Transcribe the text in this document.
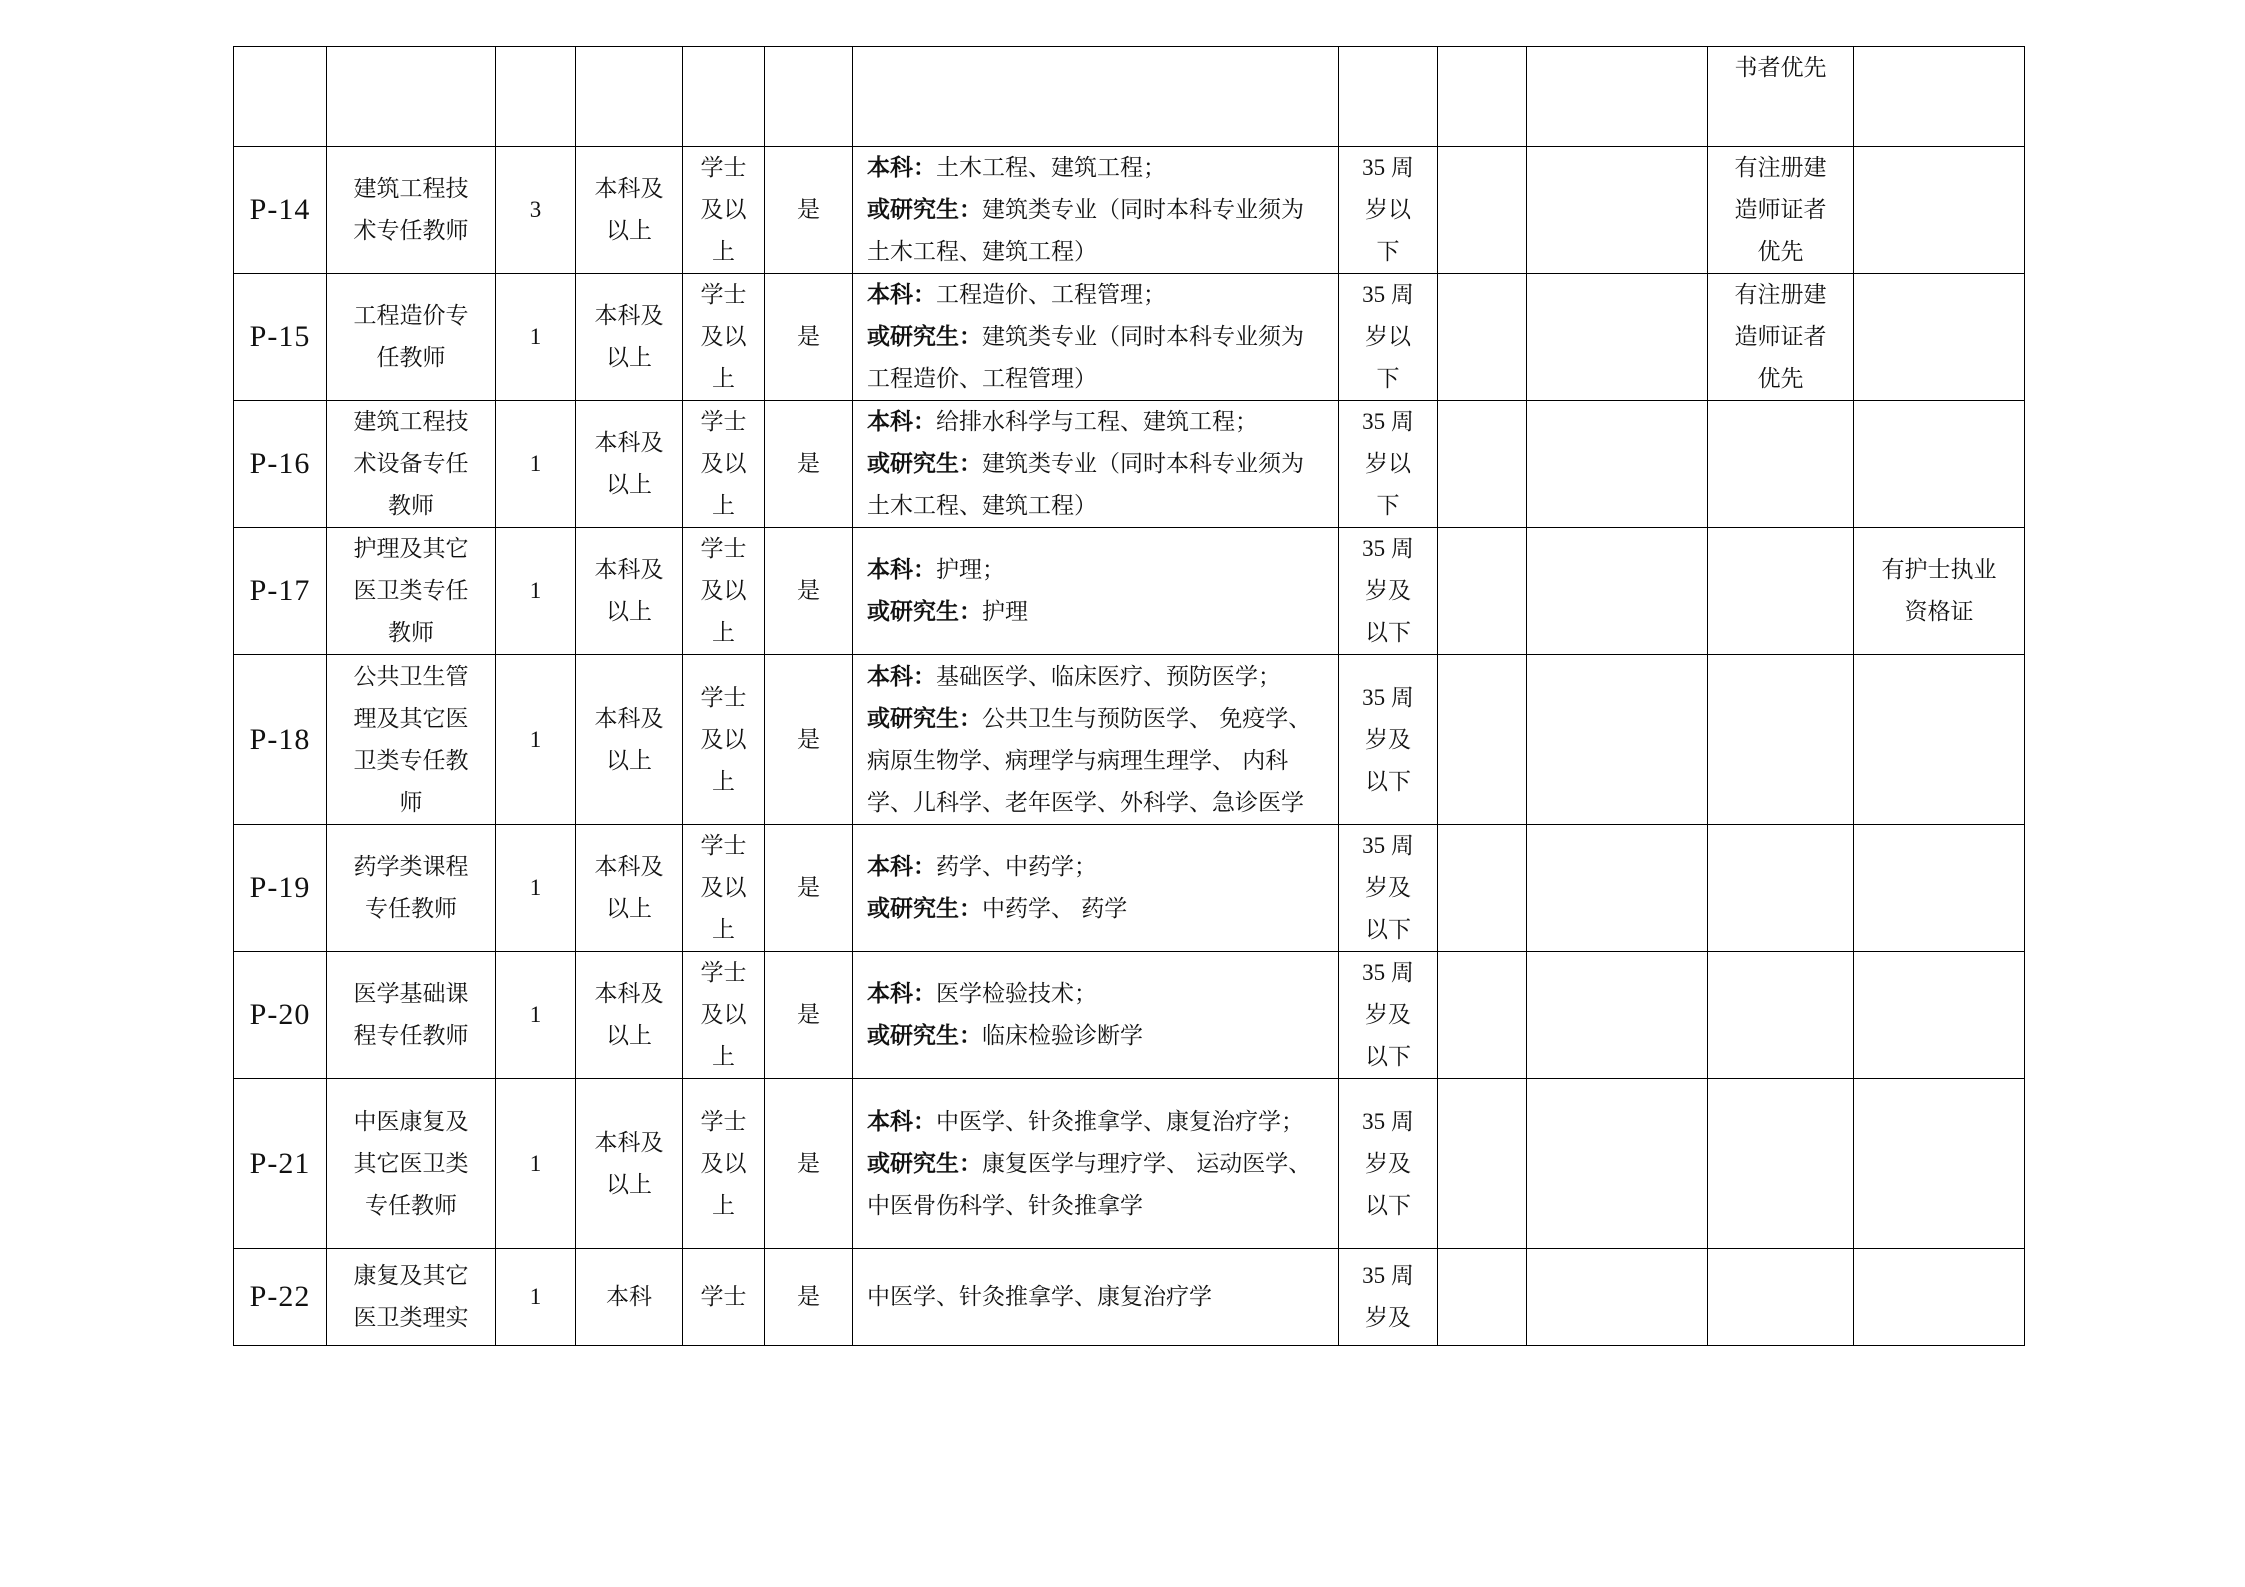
										书者优先	

P-14	建筑工程技
术专任教师	3	本科及
以上	学士
及以
上	是	本科：土木工程、建筑工程；
或研究生：建筑类专业（同时本科专业须为
土木工程、建筑工程）	35 周
岁以
下			有注册建
造师证者
优先	

P-15	工程造价专
任教师	1	本科及
以上	学士
及以
上	是	本科：工程造价、工程管理；
或研究生：建筑类专业（同时本科专业须为
工程造价、工程管理）	35 周
岁以
下			有注册建
造师证者
优先	

P-16	建筑工程技
术设备专任
教师	1	本科及
以上	学士
及以
上	是	本科：给排水科学与工程、建筑工程；
或研究生：建筑类专业（同时本科专业须为
土木工程、建筑工程）	35 周
岁以
下				

P-17	护理及其它
医卫类专任
教师	1	本科及
以上	学士
及以
上	是	本科：护理；
或研究生：护理	35 周
岁及
以下				有护士执业
资格证

P-18	公共卫生管
理及其它医
卫类专任教
师	1	本科及
以上	学士
及以
上	是	本科：基础医学、临床医疗、预防医学；
或研究生：公共卫生与预防医学、 免疫学、
病原生物学、病理学与病理生理学、 内科
学、儿科学、老年医学、外科学、急诊医学	35 周
岁及
以下				

P-19	药学类课程
专任教师	1	本科及
以上	学士
及以
上	是	本科：药学、中药学；
或研究生：中药学、 药学	35 周
岁及
以下				

P-20	医学基础课
程专任教师	1	本科及
以上	学士
及以
上	是	本科：医学检验技术；
或研究生：临床检验诊断学	35 周
岁及
以下				

P-21	中医康复及
其它医卫类
专任教师	1	本科及
以上	学士
及以
上	是	本科：中医学、针灸推拿学、康复治疗学；
或研究生：康复医学与理疗学、 运动医学、
中医骨伤科学、针灸推拿学	35 周
岁及
以下				

P-22	康复及其它
医卫类理实	1	本科	学士	是	中医学、针灸推拿学、康复治疗学	35 周
岁及				
